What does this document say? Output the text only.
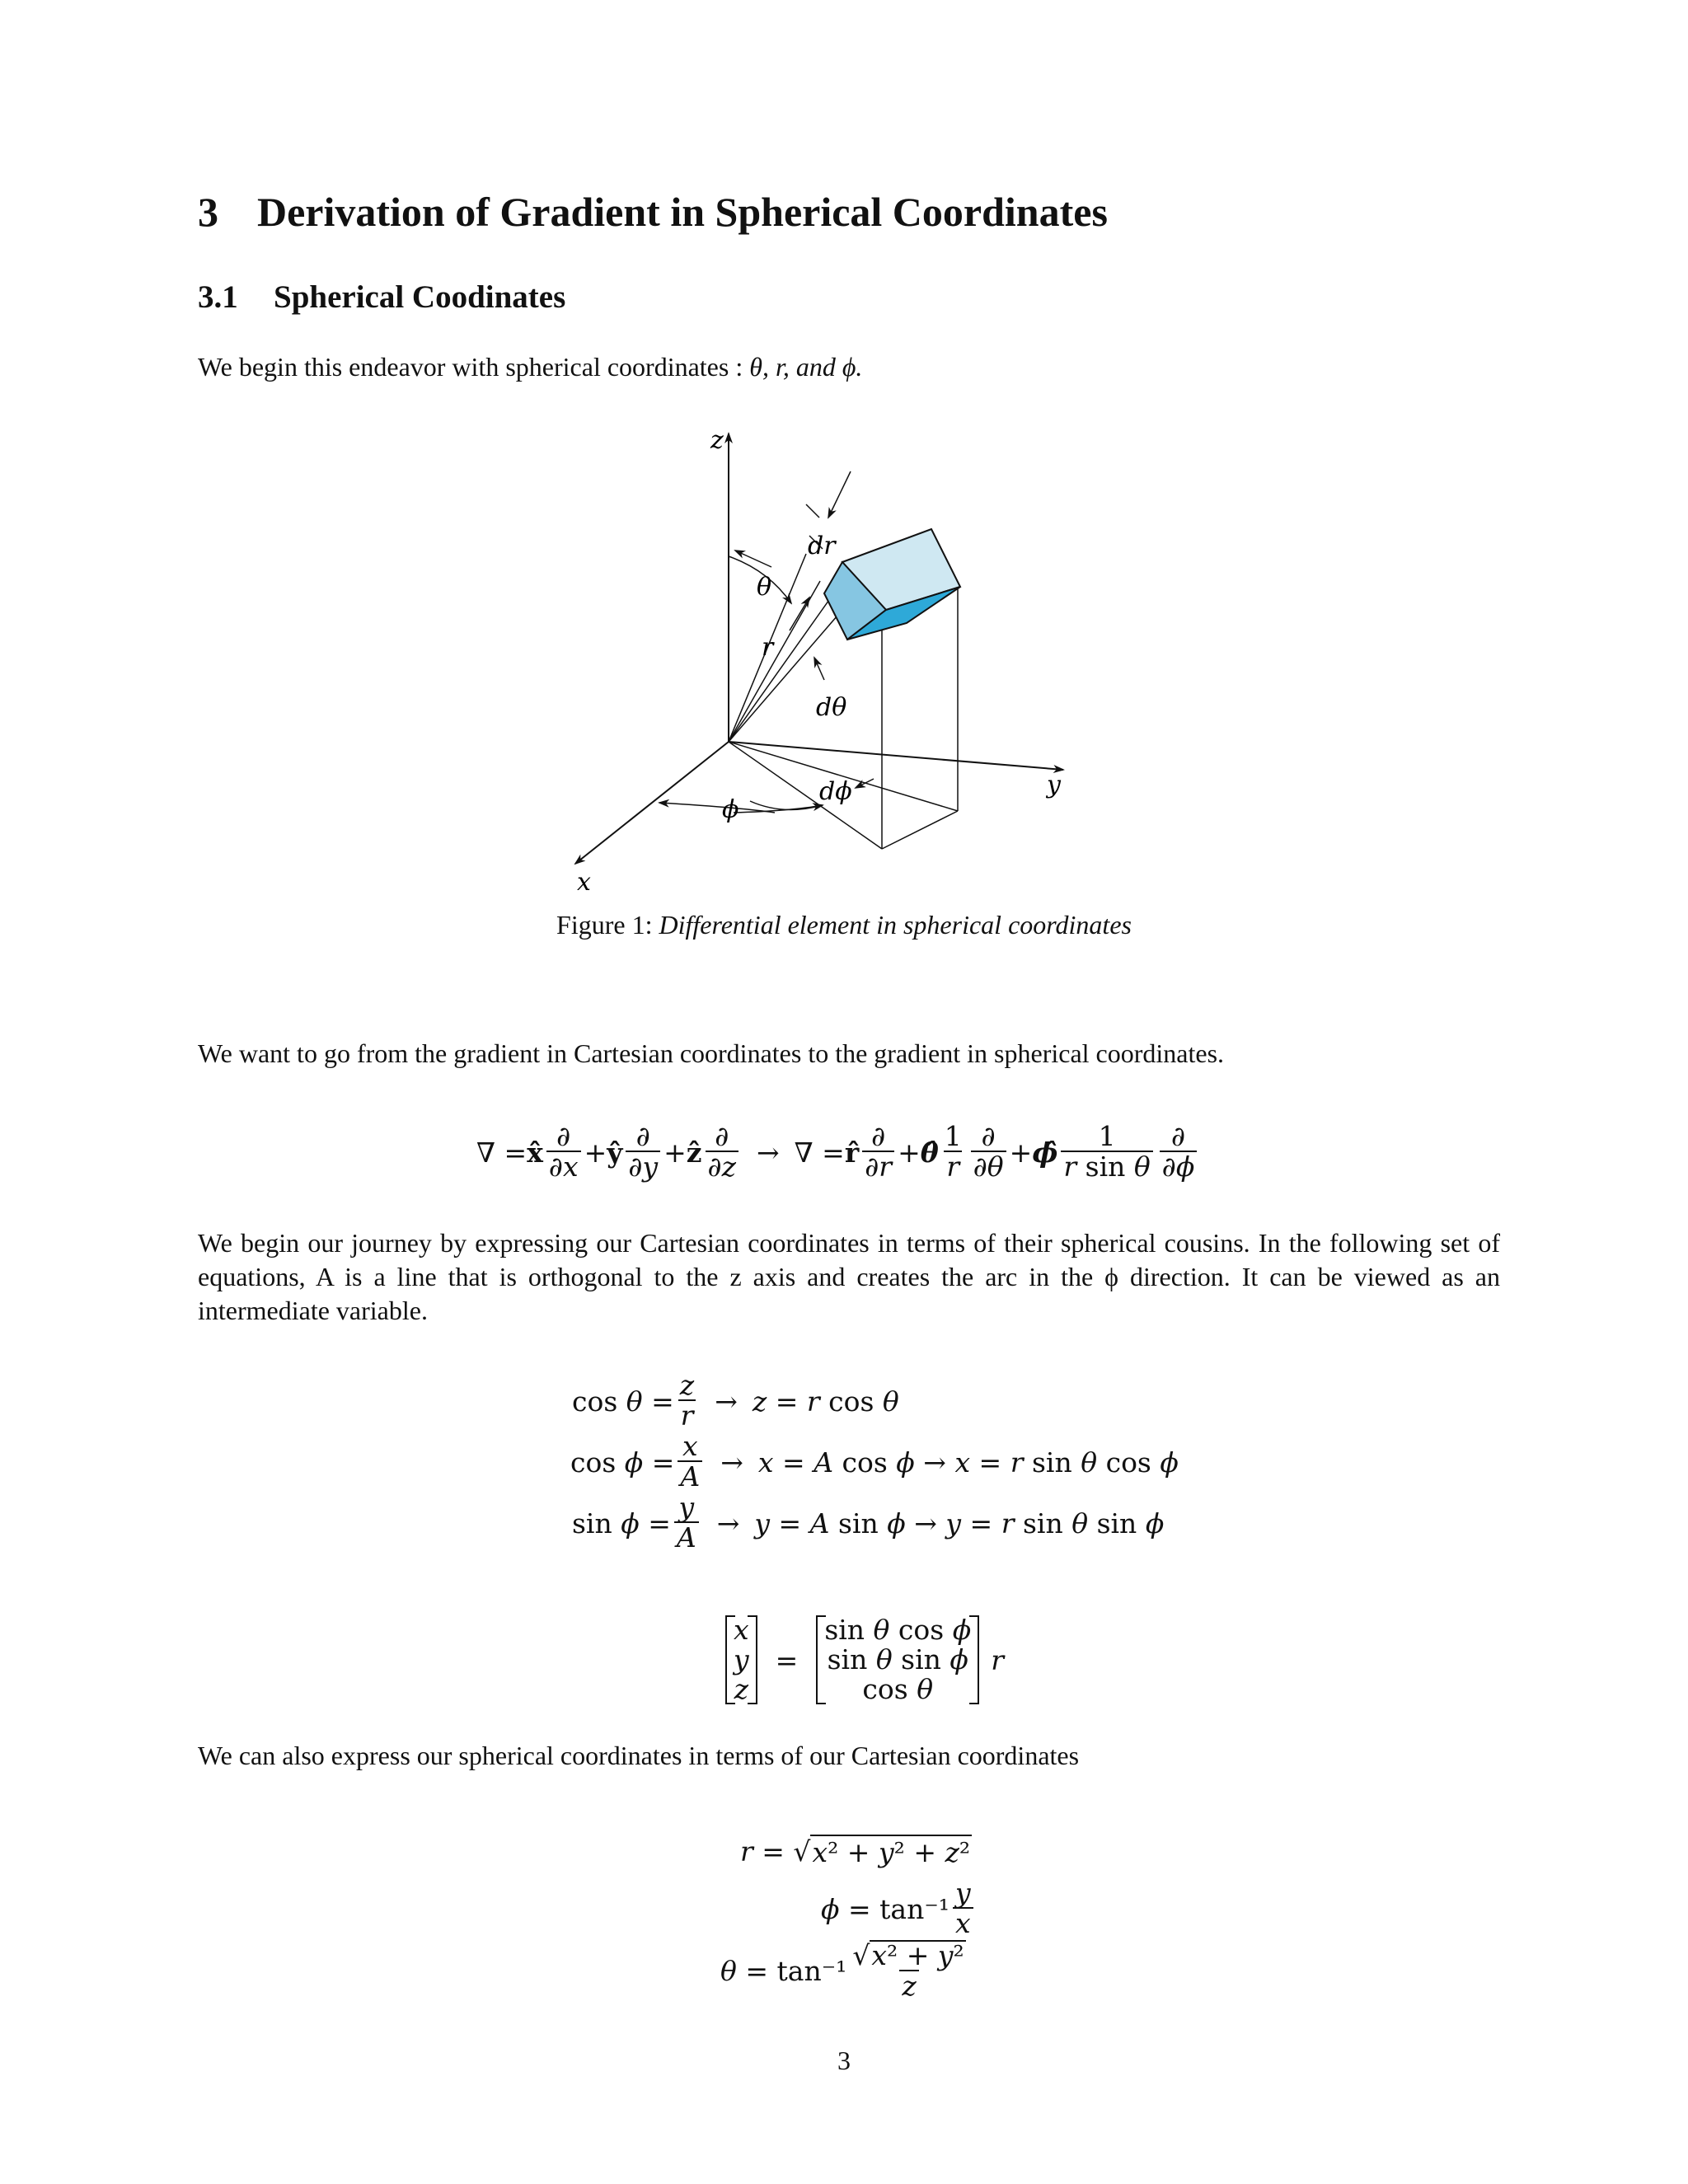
3 Derivation of Gradient in Spherical Coordinates
3.1 Spherical Coodinates
We begin this endeavor with spherical coordinates : θ, r, and ϕ.
z
x
y
θ
r
dr
dθ
ϕ
dϕ
Figure 1: Differential element in spherical coordinates
We want to go from the gradient in Cartesian coordinates to the gradient in spherical coordinates.
∇ = x̂ $\frac{\partial}{\partial x}$ + ŷ $\frac{\partial}{\partial y}$ + ẑ $\frac{\partial}{\partial z}$ → ∇ = r̂ $\frac{\partial}{\partial r}$ + θ̂ $\frac{1}{r} \frac{\partial}{\partial\theta}$ + ϕ̂ $\frac{1}{\text{r sin θ}} \frac{\partial}{\partial\phi}$
We begin our journey by expressing our Cartesian coordinates in terms of their spherical cousins. In the following set of equations, A is a line that is orthogonal to the z axis and creates the arc in the ϕ direction. It can be viewed as an intermediate variable.
$\cos \theta = \frac{z}{r} \to z = r$ cos θ
$\cos \phi = \frac{x}{A} \to x = A$ cos ϕ → x = r sin θ cos ϕ
$\sin \phi = \frac{y}{A} \to y = A$ sin ϕ → y = r sin θ sin ϕ
x
y
z
=
sin θ cos ϕ
sin θ sin ϕ
cos θ
r
We can also express our spherical coordinates in terms of our Cartesian coordinates
r = √ x² + y² + z²
$\phi = \tan^{-1} \frac{y}{x}$
$\theta = \tan^{-1} \frac{\text{√x² + y²}}{z}$
3
